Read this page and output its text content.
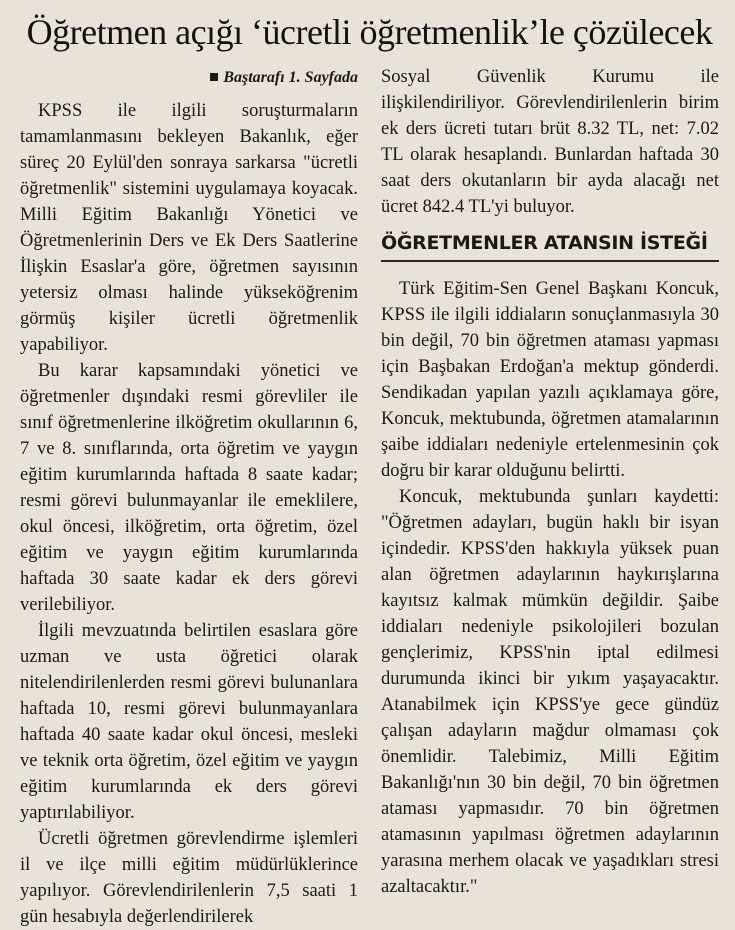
Öğretmen açığı ‘ücretli öğretmenlik’le çözülecek
Baştarafı 1. Sayfada

KPSS ile ilgili soruşturmaların tamamlanmasını bekleyen Bakanlık, eğer süreç 20 Eylül'den sonraya sarkarsa "ücretli öğretmenlik" sistemini uygulamaya koyacak. Milli Eğitim Bakanlığı Yönetici ve Öğretmenlerinin Ders ve Ek Ders Saatlerine İlişkin Esaslar'a göre, öğretmen sayısının yetersiz olması halinde yükseköğrenim görmüş kişiler ücretli öğretmenlik yapabiliyor.

Bu karar kapsamındaki yönetici ve öğretmenler dışındaki resmi görevliler ile sınıf öğretmenlerine ilköğretim okullarının 6, 7 ve 8. sınıflarında, orta öğretim ve yaygın eğitim kurumlarında haftada 8 saate kadar; resmi görevi bulunmayanlar ile emeklilere, okul öncesi, ilköğretim, orta öğretim, özel eğitim ve yaygın eğitim kurumlarında haftada 30 saate kadar ek ders görevi verilebiliyor.

İlgili mevzuatında belirtilen esaslara göre uzman ve usta öğretici olarak nitelendirilenlerden resmi görevi bulunanlara haftada 10, resmi görevi bulunmayanlara haftada 40 saate kadar okul öncesi, mesleki ve teknik orta öğretim, özel eğitim ve yaygın eğitim kurumlarında ek ders görevi yaptırılabiliyor.

Ücretli öğretmen görevlendirme işlemleri il ve ilçe milli eğitim müdürlüklerince yapılıyor. Görevlendirilenlerin 7,5 saati 1 gün hesabıyla değerlendirilerek

Sosyal Güvenlik Kurumu ile ilişkilendiriliyor. Görevlendirilenlerin birim ek ders ücreti tutarı brüt 8.32 TL, net: 7.02 TL olarak hesaplandı. Bunlardan haftada 30 saat ders okutanların bir ayda alacağı net ücret 842.4 TL'yi buluyor.

ÖĞRETMENLER ATANSIN İSTEĞİ

Türk Eğitim-Sen Genel Başkanı Koncuk, KPSS ile ilgili iddiaların sonuçlanmasıyla 30 bin değil, 70 bin öğretmen ataması yapması için Başbakan Erdoğan'a mektup gönderdi. Sendikadan yapılan yazılı açıklamaya göre, Koncuk, mektubunda, öğretmen atamalarının şaibe iddiaları nedeniyle ertelenmesinin çok doğru bir karar olduğunu belirtti.

Koncuk, mektubunda şunları kaydetti: "Öğretmen adayları, bugün haklı bir isyan içindedir. KPSS'den hakkıyla yüksek puan alan öğretmen adaylarının haykırışlarına kayıtsız kalmak mümkün değildir. Şaibe iddiaları nedeniyle psikolojileri bozulan gençlerimiz, KPSS'nin iptal edilmesi durumunda ikinci bir yıkım yaşayacaktır. Atanabilmek için KPSS'ye gece gündüz çalışan adayların mağdur olmaması çok önemlidir. Talebimiz, Milli Eğitim Bakanlığı'nın 30 bin değil, 70 bin öğretmen ataması yapmasıdır. 70 bin öğretmen atamasının yapılması öğretmen adaylarının yarasına merhem olacak ve yaşadıkları stresi azaltacaktır."
